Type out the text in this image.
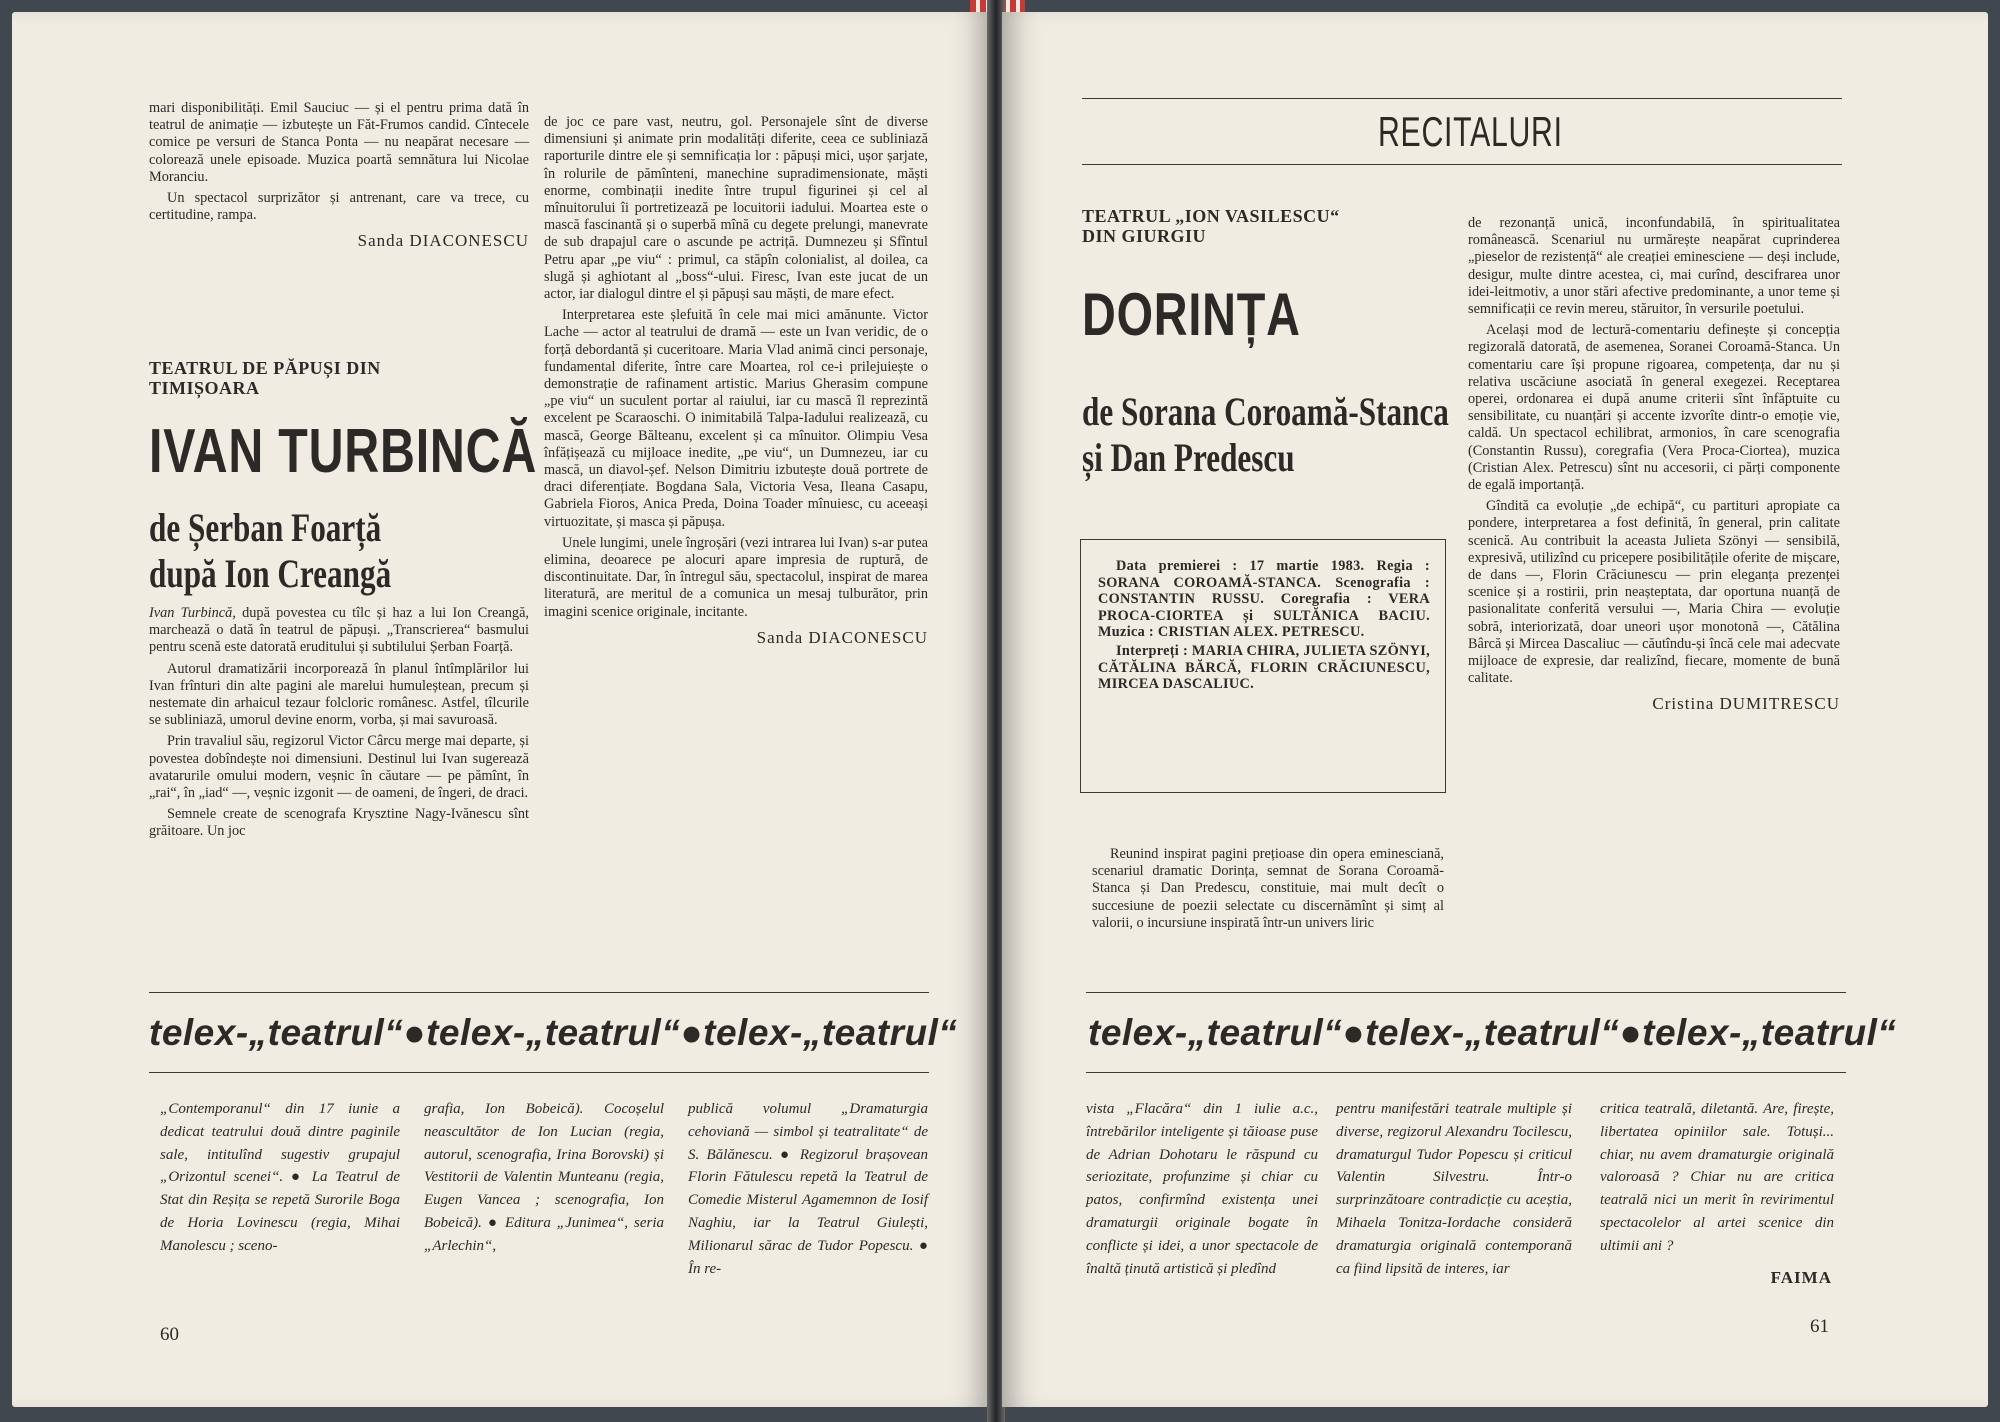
mari disponibilități. Emil Sauciuc — și el pentru prima dată în teatrul de animație — izbutește un Făt-Frumos candid. Cîntecele comice pe versuri de Stanca Ponta — nu neapărat necesare — colorează unele episoade. Muzica poartă semnătura lui Nicolae Moranciu.

Un spectacol surprizător și antrenant, care va trece, cu certitudine, rampa.

Sanda DIACONESCU
TEATRUL DE PĂPUȘI DIN TIMIȘOARA
IVAN TURBINCĂ
de Șerban Foarță
după Ion Creangă

Ivan Turbincă, după povestea cu tîlc și haz a lui Ion Creangă, marchează o dată în teatrul de păpuși. „Transcrierea“ basmului pentru scenă este datorată eruditului și subtilului Șerban Foarță.

Autorul dramatizării incorporează în planul întîmplărilor lui Ivan frînturi din alte pagini ale marelui humuleștean, precum și nestemate din arhaicul tezaur folcloric românesc. Astfel, tîlcurile se subliniază, umorul devine enorm, vorba, și mai savuroasă.

Prin travaliul său, regizorul Victor Cârcu merge mai departe, și povestea dobîndește noi dimensiuni. Destinul lui Ivan sugerează avatarurile omului modern, veșnic în căutare — pe pămînt, în „rai“, în „iad“ —, veșnic izgonit — de oameni, de îngeri, de draci.

Semnele create de scenografa Krysztine Nagy-Ivănescu sînt grăitoare. Un joc

de joc ce pare vast, neutru, gol. Personajele sînt de diverse dimensiuni și animate prin modalități diferite, ceea ce subliniază raporturile dintre ele și semnificația lor : păpuși mici, ușor șarjate, în rolurile de pămînteni, manechine supradimensionate, măști enorme, combinații inedite între trupul figurinei și cel al mînuitorului îi portretizează pe locuitorii iadului. Moartea este o mască fascinantă și o superbă mînă cu degete prelungi, manevrate de sub drapajul care o ascunde pe actriță. Dumnezeu și Sfîntul Petru apar „pe viu“ : primul, ca stăpîn colonialist, al doilea, ca slugă și aghiotant al „boss“-ului. Firesc, Ivan este jucat de un actor, iar dialogul dintre el și păpuși sau măști, de mare efect.

Interpretarea este șlefuită în cele mai mici amănunte. Victor Lache — actor al teatrului de dramă — este un Ivan veridic, de o forță debordantă și cuceritoare. Maria Vlad animă cinci personaje, fundamental diferite, între care Moartea, rol ce-i prilejuiește o demonstrație de rafinament artistic. Marius Gherasim compune „pe viu“ un suculent portar al raiului, iar cu mască îl reprezintă excelent pe Scaraoschi. O inimitabilă Talpa-Iadului realizează, cu mască, George Bălteanu, excelent și ca mînuitor. Olimpiu Vesa înfățișează cu mijloace inedite, „pe viu“, un Dumnezeu, iar cu mască, un diavol-șef. Nelson Dimitriu izbutește două portrete de draci diferențiate. Bogdana Sala, Victoria Vesa, Ileana Casapu, Gabriela Fioros, Anica Preda, Doina Toader mînuiesc, cu aceeași virtuozitate, și masca și păpușa.

Unele lungimi, unele îngroșări (vezi intrarea lui Ivan) s-ar putea elimina, deoarece pe alocuri apare impresia de ruptură, de discontinuitate. Dar, în întregul său, spectacolul, inspirat de marea literatură, are meritul de a comunica un mesaj tulburător, prin imagini scenice originale, incitante.

Sanda DIACONESCU
telex-„teatrul“●telex-„teatrul“●telex-„teatrul“
„Contemporanul“ din 17 iunie a dedicat teatrului două dintre paginile sale, intitulînd sugestiv grupajul „Orizontul scenei“. ● La Teatrul de Stat din Reșița se repetă Surorile Boga de Horia Lovinescu (regia, Mihai Manolescu ; sceno-
grafia, Ion Bobeică). Cocoșelul neascultător de Ion Lucian (regia, autorul, scenografia, Irina Borovski) și Vestitorii de Valentin Munteanu (regia, Eugen Vancea ; scenografia, Ion Bobeică). ● Editura „Junimea“, seria „Arlechin“,
publică volumul „Dramaturgia cehoviană — simbol și teatralitate“ de S. Bălănescu. ● Regizorul brașovean Florin Fătulescu repetă la Teatrul de Comedie Misterul Agamemnon de Iosif Naghiu, iar la Teatrul Giulești, Milionarul sărac de Tudor Popescu. ● În re-
60
RECITALURI
TEATRUL „ION VASILESCU“ DIN GIURGIU
DORINȚA
de Sorana Coroamă-Stanca
și Dan Predescu
Data premierei : 17 martie 1983. Regia : SORANA COROAMĂ-STANCA. Scenografia : CONSTANTIN RUSSU. Coregrafia : VERA PROCA-CIORTEA și SULTĂNICA BACIU. Muzica : CRISTIAN ALEX. PETRESCU.
Interpreți : MARIA CHIRA, JULIETA SZÖNYI, CĂTĂLINA BĂRCĂ, FLORIN CRĂCIUNESCU, MIRCEA DASCALIUC.

Reunind inspirat pagini prețioase din opera eminesciană, scenariul dramatic Dorința, semnat de Sorana Coroamă-Stanca și Dan Predescu, constituie, mai mult decît o succesiune de poezii selectate cu discernămînt și simț al valorii, o incursiune inspirată într-un univers liric

de rezonanță unică, inconfundabilă, în spiritualitatea românească. Scenariul nu urmărește neapărat cuprinderea „pieselor de rezistență“ ale creației eminesciene — deși include, desigur, multe dintre acestea, ci, mai curînd, descifrarea unor idei-leitmotiv, a unor stări afective predominante, a unor teme și semnificații ce revin mereu, stăruitor, în versurile poetului.

Același mod de lectură-comentariu definește și concepția regizorală datorată, de asemenea, Soranei Coroamă-Stanca. Un comentariu care își propune rigoarea, competența, dar nu și relativa uscăciune asociată în general exegezei. Receptarea operei, ordonarea ei după anume criterii sînt înfăptuite cu sensibilitate, cu nuanțări și accente izvorîte dintr-o emoție vie, caldă. Un spectacol echilibrat, armonios, în care scenografia (Constantin Russu), coregrafia (Vera Proca-Ciortea), muzica (Cristian Alex. Petrescu) sînt nu accesorii, ci părți componente de egală importanță.

Gîndită ca evoluție „de echipă“, cu partituri apropiate ca pondere, interpretarea a fost definită, în general, prin calitate scenică. Au contribuit la aceasta Julieta Szönyi — sensibilă, expresivă, utilizînd cu pricepere posibilitățile oferite de mișcare, de dans —, Florin Crăciunescu — prin eleganța prezenței scenice și a rostirii, prin neașteptata, dar oportuna nuanță de pasionalitate conferită versului —, Maria Chira — evoluție sobră, interiorizată, doar uneori ușor monotonă —, Cătălina Bârcă și Mircea Dascaliuc — căutîndu-și încă cele mai adecvate mijloace de expresie, dar realizînd, fiecare, momente de bună calitate.

Cristina DUMITRESCU
telex-„teatrul“●telex-„teatrul“●telex-„teatrul“
vista „Flacăra“ din 1 iulie a.c., întrebărilor inteligente și tăioase puse de Adrian Dohotaru le răspund cu seriozitate, profunzime și chiar cu patos, confirmînd existența unei dramaturgii originale bogate în conflicte și idei, a unor spectacole de înaltă ținută artistică și pledînd
pentru manifestări teatrale multiple și diverse, regizorul Alexandru Tocilescu, dramaturgul Tudor Popescu și criticul Valentin Silvestru. Într-o surprinzătoare contradicție cu aceștia, Mihaela Tonitza-Iordache consideră dramaturgia originală contemporană ca fiind lipsită de interes, iar
critica teatrală, diletantă. Are, firește, libertatea opiniilor sale. Totuși... chiar, nu avem dramaturgie originală valoroasă ? Chiar nu are critica teatrală nici un merit în revirimentul spectacolelor al artei scenice din ultimii ani ?
FAIMA
61
